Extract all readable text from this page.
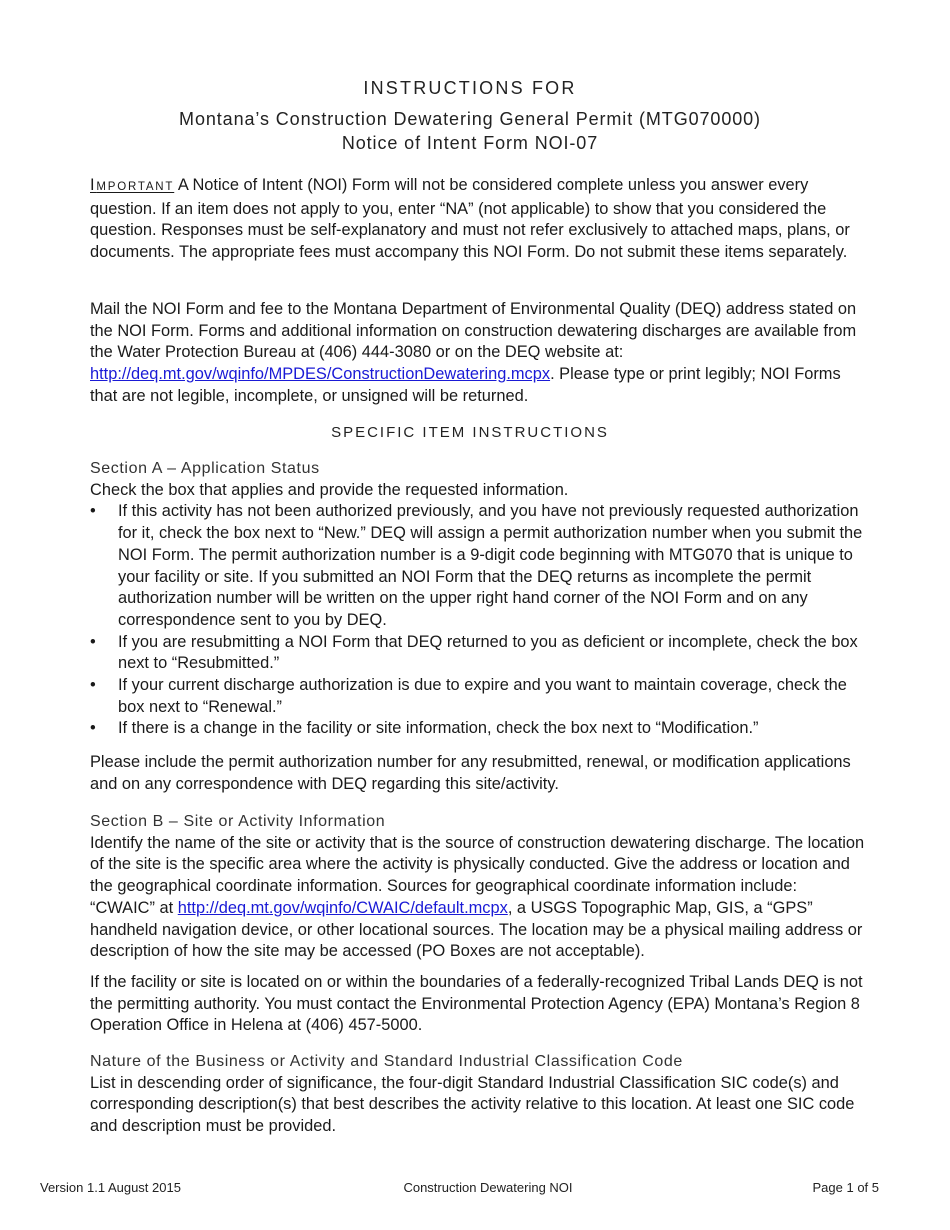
INSTRUCTIONS FOR
Montana’s Construction Dewatering General Permit (MTG070000)
Notice of Intent Form NOI-07

IMPORTANT A Notice of Intent (NOI) Form will not be considered complete unless you answer every question. If an item does not apply to you, enter “NA” (not applicable) to show that you considered the question. Responses must be self-explanatory and must not refer exclusively to attached maps, plans, or documents. The appropriate fees must accompany this NOI Form. Do not submit these items separately.

Mail the NOI Form and fee to the Montana Department of Environmental Quality (DEQ) address stated on the NOI Form. Forms and additional information on construction dewatering discharges are available from the Water Protection Bureau at (406) 444-3080 or on the DEQ website at: http://deq.mt.gov/wqinfo/MPDES/ConstructionDewatering.mcpx. Please type or print legibly; NOI Forms that are not legible, incomplete, or unsigned will be returned.

SPECIFIC ITEM INSTRUCTIONS
Section A – Application Status
Check the box that applies and provide the requested information.
• If this activity has not been authorized previously, and you have not previously requested authorization for it, check the box next to “New.” DEQ will assign a permit authorization number when you submit the NOI Form. The permit authorization number is a 9-digit code beginning with MTG070 that is unique to your facility or site. If you submitted an NOI Form that the DEQ returns as incomplete the permit authorization number will be written on the upper right hand corner of the NOI Form and on any correspondence sent to you by DEQ.
• If you are resubmitting a NOI Form that DEQ returned to you as deficient or incomplete, check the box next to “Resubmitted.”
• If your current discharge authorization is due to expire and you want to maintain coverage, check the box next to “Renewal.”
• If there is a change in the facility or site information, check the box next to “Modification.”

Please include the permit authorization number for any resubmitted, renewal, or modification applications and on any correspondence with DEQ regarding this site/activity.

Section B – Site or Activity Information
Identify the name of the site or activity that is the source of construction dewatering discharge. The location of the site is the specific area where the activity is physically conducted. Give the address or location and the geographical coordinate information. Sources for geographical coordinate information include: “CWAIC” at http://deq.mt.gov/wqinfo/CWAIC/default.mcpx, a USGS Topographic Map, GIS, a “GPS” handheld navigation device, or other locational sources. The location may be a physical mailing address or description of how the site may be accessed (PO Boxes are not acceptable).

If the facility or site is located on or within the boundaries of a federally-recognized Tribal Lands DEQ is not the permitting authority. You must contact the Environmental Protection Agency (EPA) Montana’s Region 8 Operation Office in Helena at (406) 457-5000.

Nature of the Business or Activity and Standard Industrial Classification Code
List in descending order of significance, the four-digit Standard Industrial Classification SIC code(s) and corresponding description(s) that best describes the activity relative to this location. At least one SIC code and description must be provided.
Version 1.1 August 2015	Construction Dewatering NOI	Page 1 of 5
